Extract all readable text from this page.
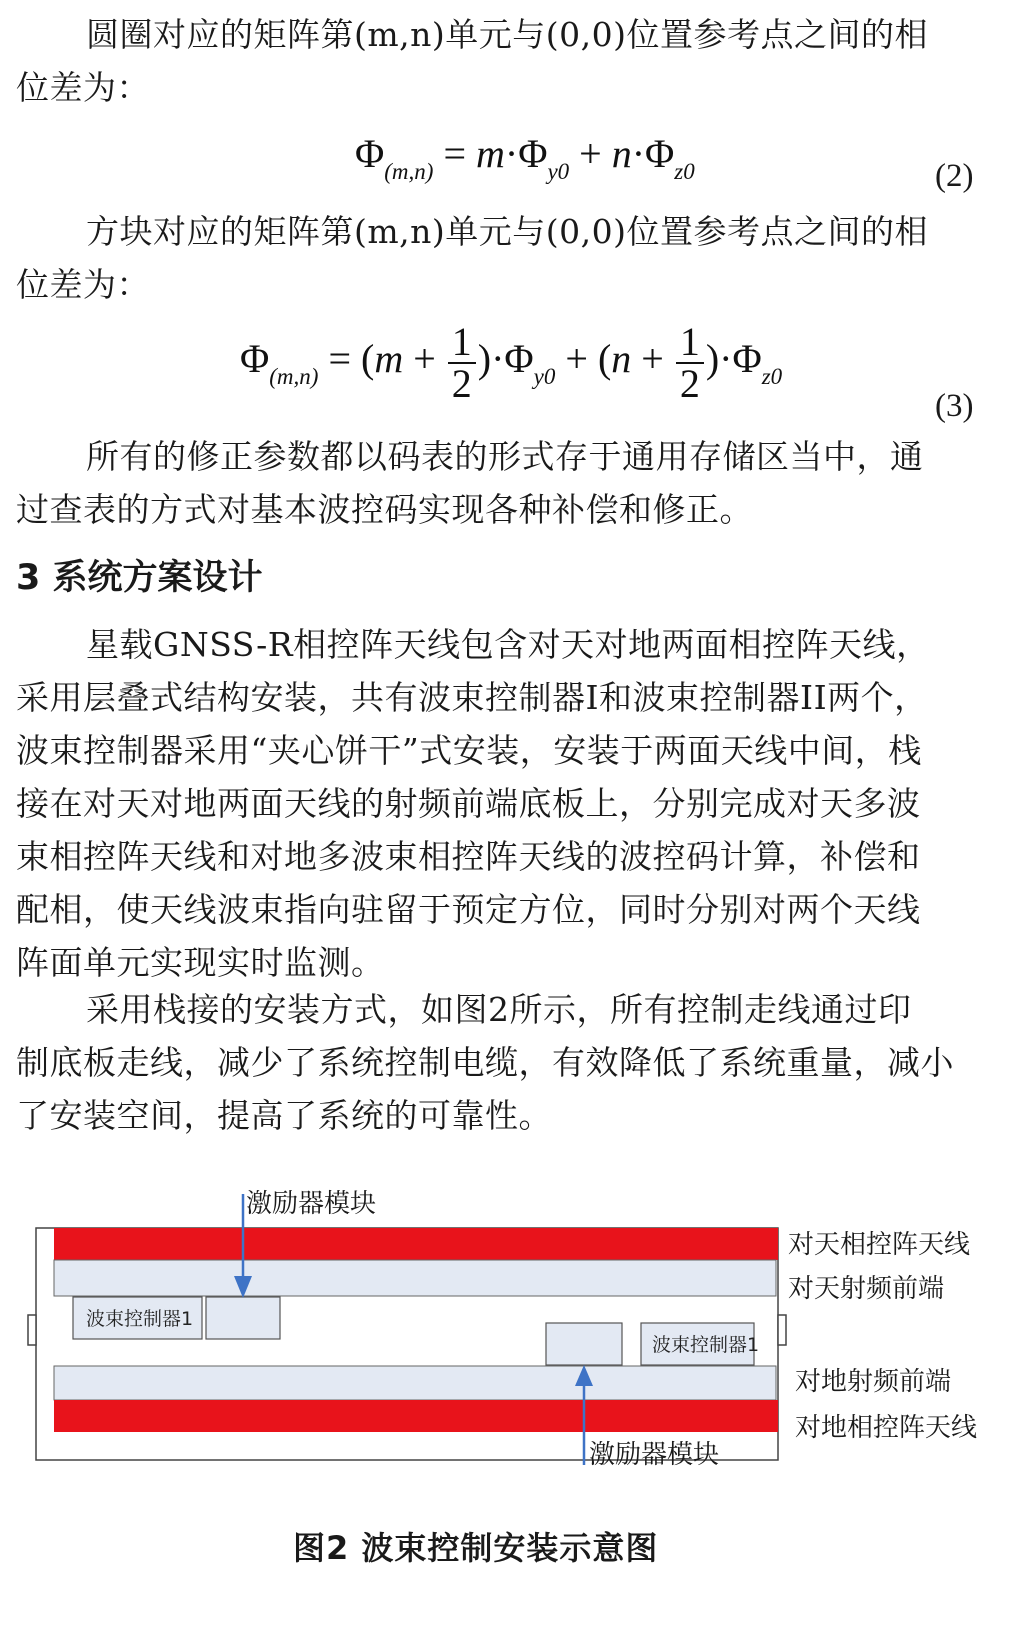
圆圈对应的矩阵第(m,n)单元与(0,0)位置参考点之间的相
位差为：
$\Phi_{(m,n)} = m\cdot\Phi_{y0} + n\cdot\Phi_{z0}$	(2)
方块对应的矩阵第(m,n)单元与(0,0)位置参考点之间的相
位差为：
$\Phi_{(m,n)} = (m + \frac{1}{2} )\cdot\Phi_{y0} + (n + \frac{1}{2} )\cdot\Phi_{z0}$
(3)
所有的修正参数都以码表的形式存于通用存储区当中，通
过查表的方式对基本波控码实现各种补偿和修正。
3 系统方案设计
星载GNSS-R相控阵天线包含对天对地两面相控阵天线，
采用层叠式结构安装，共有波束控制器I和波束控制器II两个，
波束控制器采用“夹心饼干”式安装，安装于两面天线中间，栈
接在对天对地两面天线的射频前端底板上，分别完成对天多波
束相控阵天线和对地多波束相控阵天线的波控码计算，补偿和
配相，使天线波束指向驻留于预定方位，同时分别对两个天线
阵面单元实现实时监测。
采用栈接的安装方式，如图2所示，所有控制走线通过印
制底板走线，减少了系统控制电缆，有效降低了系统重量，减小
了安装空间，提高了系统的可靠性。
波束控制器1
波束控制器1
激励器模块
激励器模块
对天相控阵天线
对天射频前端
对地射频前端
对地相控阵天线
图2 波束控制安装示意图
